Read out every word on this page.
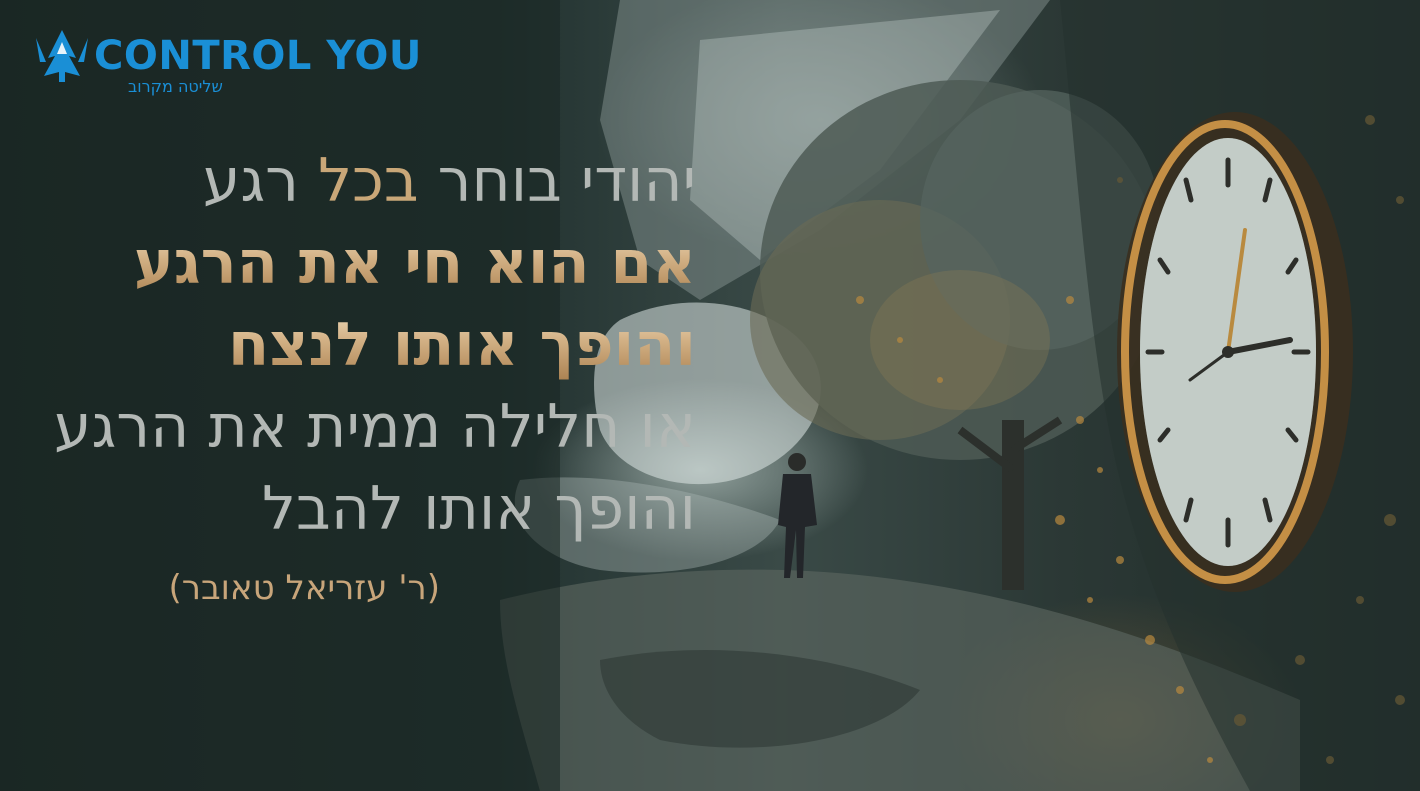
CONTROL YOU
שליטה מקרוב
יהודי בוחר בכל רגע
אם הוא חי את הרגע
והופך אותו לנצח
או חלילה ממית את הרגע
והופך אותו להבל
(ר' עזריאל טאובר)
